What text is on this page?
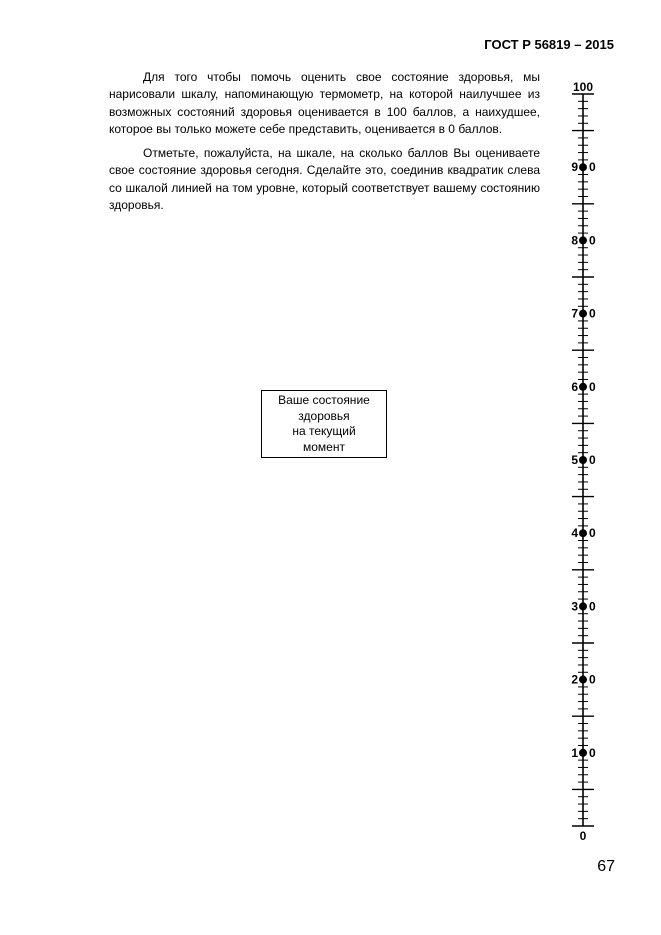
ГОСТ Р 56819 – 2015

Для того чтобы помочь оценить свое состояние здоровья, мы нарисовали шкалу, напоминающую термометр, на которой наилучшее из возможных состояний здоровья оценивается в 100 баллов, а наихудшее, которое вы только можете себе представить, оценивается в 0 баллов.

Отметьте, пожалуйста, на шкале, на сколько баллов Вы оцениваете свое состояние здоровья сегодня. Сделайте это, соединив квадратик слева со шкалой линией на том уровне, который соответствует вашему состоянию здоровья.

Ваше состояние
здоровья
на текущий
момент
100
9 0
8 0
7 0
6 0
5 0
4 0
3 0
2 0
1 0
0
67
